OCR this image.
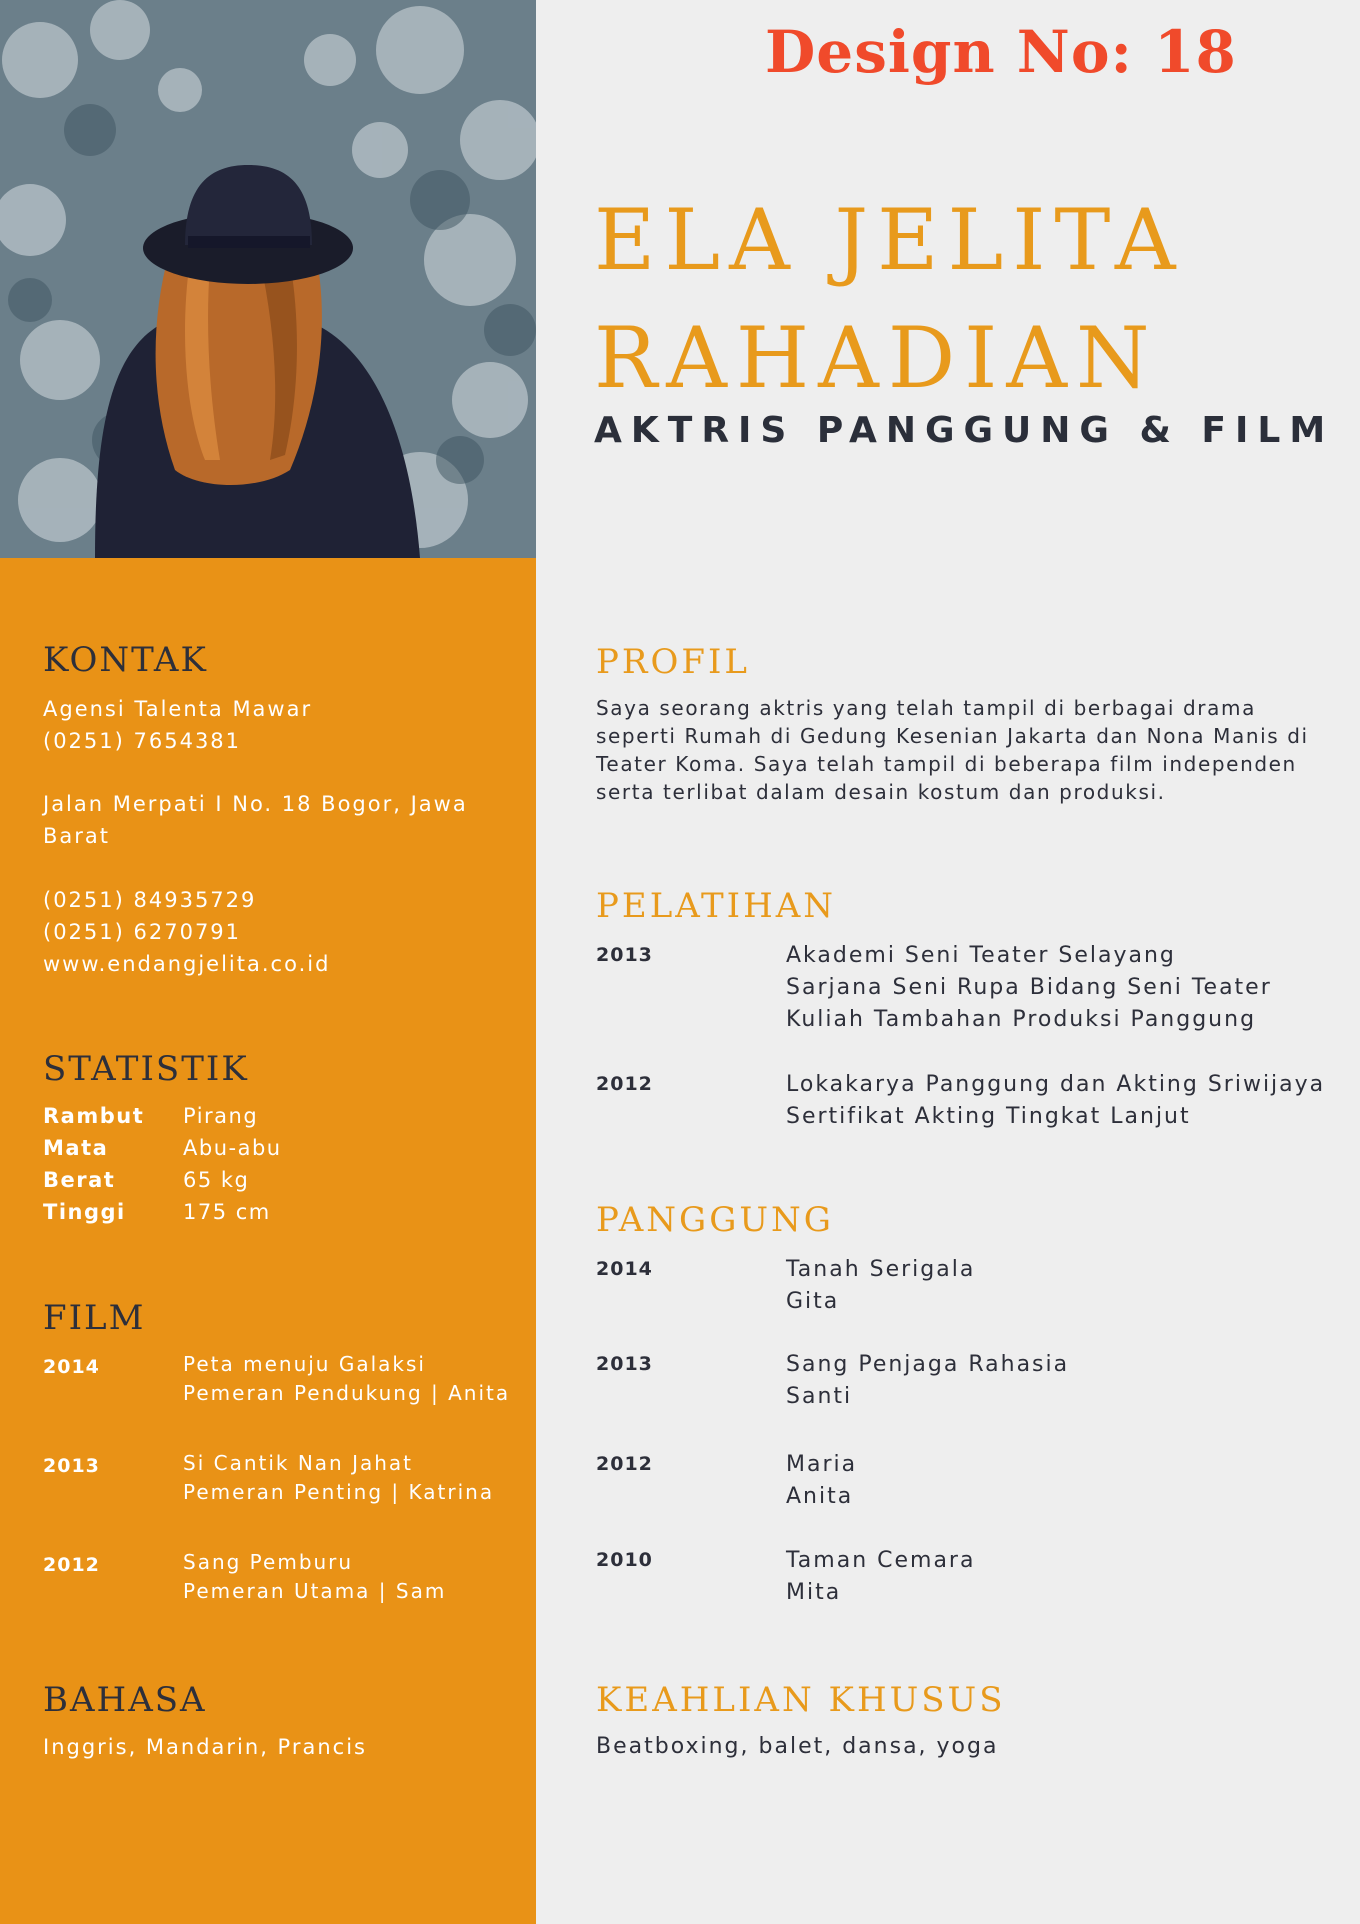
Design No: 18
ELA JELITA
RAHADIAN
AKTRIS PANGGUNG & FILM
KONTAK
Agensi Talenta Mawar
(0251) 7654381
Jalan Merpati I No. 18 Bogor, Jawa
Barat
(0251) 84935729
(0251) 6270791
www.endangjelita.co.id
STATISTIK
Rambut Pirang
Mata	Abu-abu
Berat	65 kg
Tinggi	175 cm
FILM
2014	Peta menuju Galaksi
Pemeran Pendukung | Anita
2013	Si Cantik Nan Jahat
Pemeran Penting | Katrina
2012	Sang Pemburu
Pemeran Utama | Sam
BAHASA
Inggris, Mandarin, Prancis
PROFIL
Saya seorang aktris yang telah tampil di berbagai drama
seperti Rumah di Gedung Kesenian Jakarta dan Nona Manis di
Teater Koma. Saya telah tampil di beberapa film independen
serta terlibat dalam desain kostum dan produksi.
PELATIHAN
2013	Akademi Seni Teater Selayang
Sarjana Seni Rupa Bidang Seni Teater
Kuliah Tambahan Produksi Panggung
2012	Lokakarya Panggung dan Akting Sriwijaya
Sertifikat Akting Tingkat Lanjut
PANGGUNG
2014	Tanah Serigala
Gita
2013	Sang Penjaga Rahasia
Santi
2012	Maria
Anita
2010	Taman Cemara
Mita
KEAHLIAN KHUSUS
Beatboxing, balet, dansa, yoga
